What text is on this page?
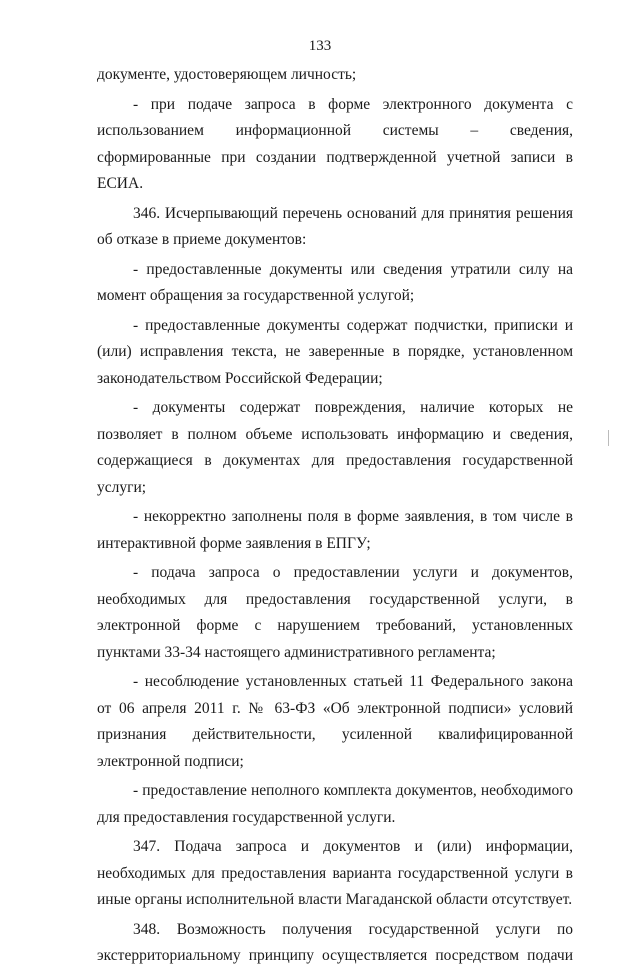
133

документе, удостоверяющем личность;

- при подаче запроса в форме электронного документа с использованием информационной системы – сведения, сформированные при создании подтвержденной учетной записи в ЕСИА.

346. Исчерпывающий перечень оснований для принятия решения об отказе в приеме документов:

- предоставленные документы или сведения утратили силу на момент обращения за государственной услугой;

- предоставленные документы содержат подчистки, приписки и (или) исправления текста, не заверенные в порядке, установленном законодательством Российской Федерации;

- документы содержат повреждения, наличие которых не позволяет в полном объеме использовать информацию и сведения, содержащиеся в документах для предоставления государственной услуги;

- некорректно заполнены поля в форме заявления, в том числе в интерактивной форме заявления в ЕПГУ;

- подача запроса о предоставлении услуги и документов, необходимых для предоставления государственной услуги, в электронной форме с нарушением требований, установленных пунктами 33-34 настоящего административного регламента;

- несоблюдение установленных статьей 11 Федерального закона от 06 апреля 2011 г. № 63-ФЗ «Об электронной подписи» условий признания действительности, усиленной квалифицированной электронной подписи;

- предоставление неполного комплекта документов, необходимого для предоставления государственной услуги.

347. Подача запроса и документов и (или) информации, необходимых для предоставления варианта государственной услуги в иные органы исполнительной власти Магаданской области отсутствует.

348. Возможность получения государственной услуги по экстерриториальному принципу осуществляется посредством подачи
